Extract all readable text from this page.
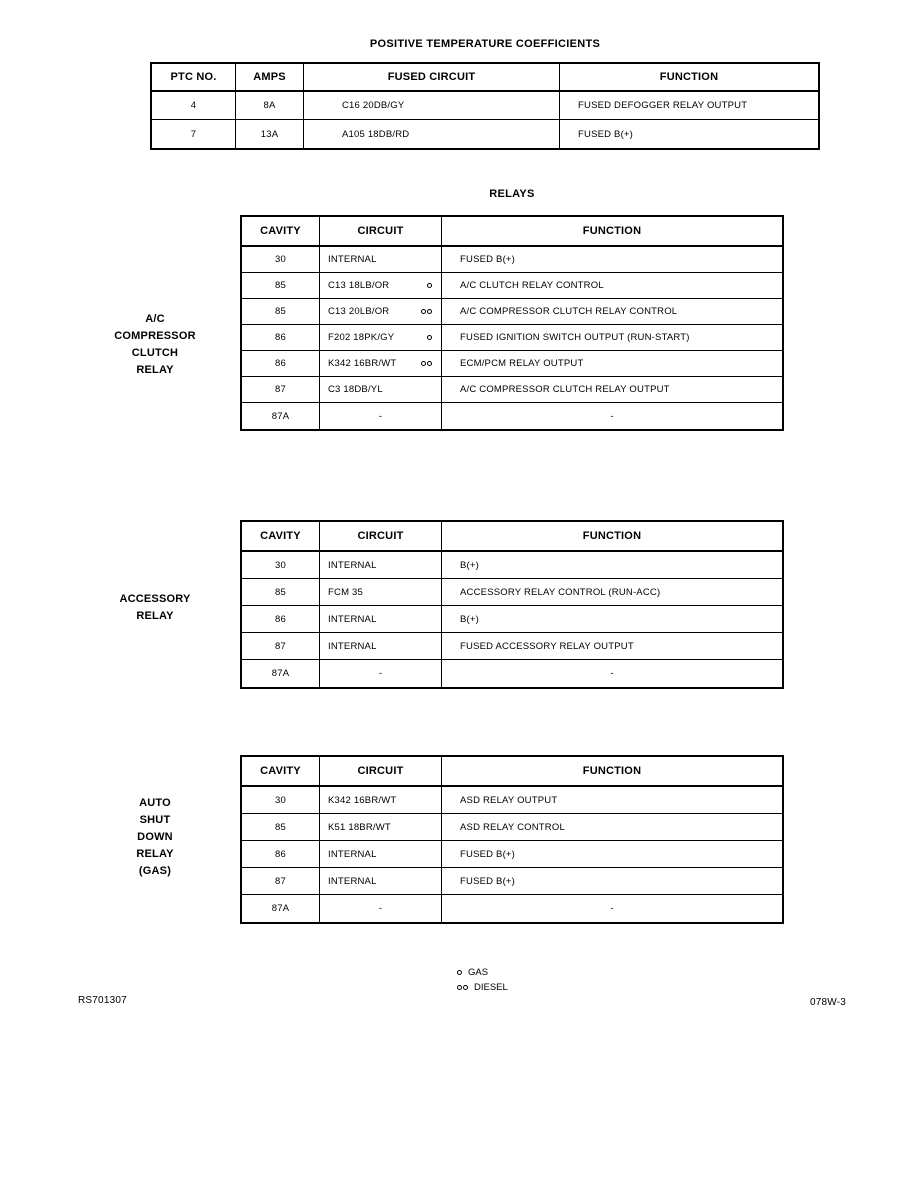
POSITIVE TEMPERATURE COEFFICIENTS
PTC NO.	AMPS	FUSED CIRCUIT	FUNCTION
4	8A	C16 20DB/GY	FUSED DEFOGGER RELAY OUTPUT
7	13A	A105 18DB/RD	FUSED B(+)
RELAYS
A/C
COMPRESSOR
CLUTCH
RELAY
CAVITY	CIRCUIT	FUNCTION
30	INTERNAL	FUSED B(+)
85	C13 18LB/OR	A/C CLUTCH RELAY CONTROL
85	C13 20LB/OR	A/C COMPRESSOR CLUTCH RELAY CONTROL
86	F202 18PK/GY	FUSED IGNITION SWITCH OUTPUT (RUN-START)
86	K342 16BR/WT	ECM/PCM RELAY OUTPUT
87	C3 18DB/YL	A/C COMPRESSOR CLUTCH RELAY OUTPUT
87A	-	-
ACCESSORY
RELAY
CAVITY	CIRCUIT	FUNCTION
30	INTERNAL	B(+)
85	FCM 35	ACCESSORY RELAY CONTROL (RUN-ACC)
86	INTERNAL	B(+)
87	INTERNAL	FUSED ACCESSORY RELAY OUTPUT
87A	-	-
AUTO
SHUT
DOWN
RELAY
(GAS)
CAVITY	CIRCUIT	FUNCTION
30	K342 16BR/WT	ASD RELAY OUTPUT
85	K51 18BR/WT	ASD RELAY CONTROL
86	INTERNAL	FUSED B(+)
87	INTERNAL	FUSED B(+)
87A	-	-
GAS
DIESEL
RS701307	078W-3
